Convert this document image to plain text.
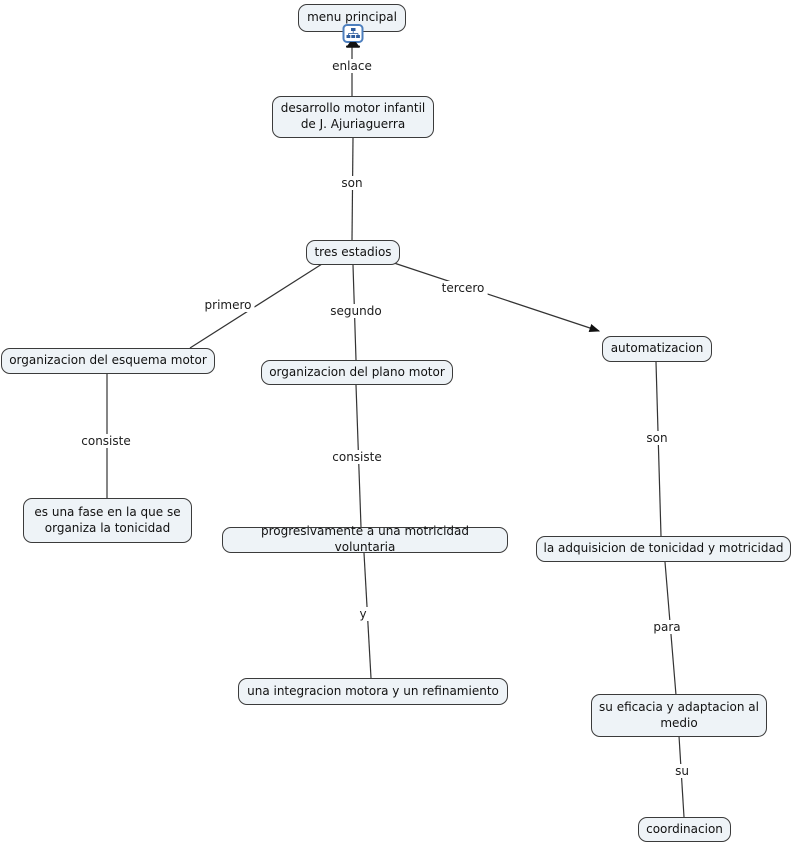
enlace
son
primero	segundo
tercero
consiste
consiste
y
son
para
su
menu principal
desarrollo motor infantil de J. Ajuriaguerra
tres estadios
organizacion del esquema motor
es una fase en la que se organiza la tonicidad
organizacion del plano motor
progresivamente a una motricidad voluntaria
una integracion motora y un refinamiento
automatizacion
la adquisicion de tonicidad y motricidad
su eficacia y adaptacion al medio
coordinacion
